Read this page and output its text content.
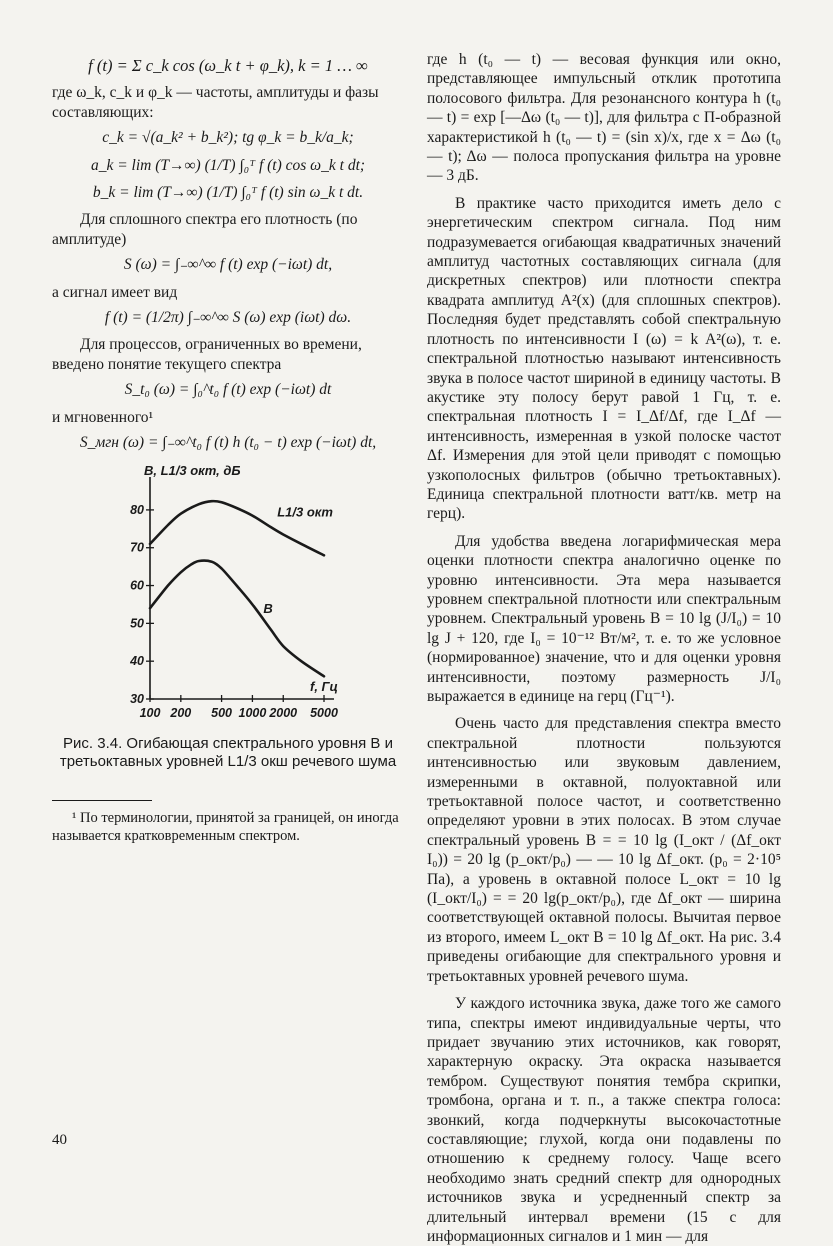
f (t) = Σ c_k cos (ω_k t + φ_k), k = 1 … ∞

где ω_k, c_k и φ_k — частоты, амплитуды и фазы составляющих:

c_k = √(a_k² + b_k²); tg φ_k = b_k/a_k;
a_k = lim (T→∞) (1/T) ∫₀ᵀ f (t) cos ω_k t dt;
b_k = lim (T→∞) (1/T) ∫₀ᵀ f (t) sin ω_k t dt.

Для сплошного спектра его плотность (по амплитуде)

S (ω) = ∫₋∞^∞ f (t) exp (−iωt) dt,

а сигнал имеет вид

f (t) = (1/2π) ∫₋∞^∞ S (ω) exp (iωt) dω.

Для процессов, ограниченных во времени, введено понятие текущего спектра

S_t₀ (ω) = ∫₀^t₀ f (t) exp (−iωt) dt

и мгновенного¹

S_мгн (ω) = ∫₋∞^t₀ f (t) h (t₀ − t) exp (−iωt) dt,
30
40
50
60
70
80
100 200 500 1000 2000 5000
B, L1/3 окт, дБ
f, Гц
L1/3 окт
B
Рис. 3.4. Огибающая спектрального уровня B и третьоктавных уровней L1/3 окш речевого шума

¹ По терминологии, принятой за границей, он иногда называется кратковременным спектром.

где h (t₀ — t) — весовая функция или окно, представляющее импульсный отклик прототипа полосового фильтра. Для резонансного контура h (t₀ — t) = exp [—Δω (t₀ — t)], для фильтра с П-образной характеристикой h (t₀ — t) = (sin x)/x, где x = Δω (t₀ — t); Δω — полоса пропускания фильтра на уровне — 3 дБ.

В практике часто приходится иметь дело с энергетическим спектром сигнала. Под ним подразумевается огибающая квадратичных значений амплитуд частотных составляющих сигнала (для дискретных спектров) или плотности спектра квадрата амплитуд A²(x) (для сплошных спектров). Последняя будет представлять собой спектральную плотность по интенсивности I (ω) = k A²(ω), т. е. спектральной плотностью называют интенсивность звука в полосе частот шириной в единицу частоты. В акустике эту полосу берут равой 1 Гц, т. е. спектральная плотность I = I_Δf/Δf, где I_Δf — интенсивность, измеренная в узкой полоске частот Δf. Измерения для этой цели приводят с помощью узкополосных фильтров (обычно третьоктавных). Единица спектральной плотности ватт/кв. метр на герц).

Для удобства введена логарифмическая мера оценки плотности спектра аналогично оценке по уровню интенсивности. Эта мера называется уровнем спектральной плотности или спектральным уровнем. Спектральный уровень B = 10 lg (J/I₀) = 10 lg J + 120, где I₀ = 10⁻¹² Вт/м², т. е. то же условное (нормированное) значение, что и для оценки уровня интенсивности, поэтому размерность J/I₀ выражается в единице на герц (Гц⁻¹).

Очень часто для представления спектра вместо спектральной плотности пользуются интенсивностью или звуковым давлением, измеренными в октавной, полуоктавной или третьоктавной полосе частот, и соответственно определяют уровни в этих полосах. В этом случае спектральный уровень B = = 10 lg (I_окт / (Δf_окт I₀)) = 20 lg (p_окт/p₀) — — 10 lg Δf_окт. (p₀ = 2·10⁵ Па), а уровень в октавной полосе L_окт = 10 lg (I_окт/I₀) = = 20 lg(p_окт/p₀), где Δf_окт — ширина соответствующей октавной полосы. Вычитая первое из второго, имеем L_окт B = 10 lg Δf_окт. На рис. 3.4 приведены огибающие для спектрального уровня и третьоктавных уровней речевого шума.

У каждого источника звука, даже того же самого типа, спектры имеют индивидуальные черты, что придает звучанию этих источников, как говорят, характерную окраску. Эта окраска называется тембром. Существуют понятия тембра скрипки, тромбона, органа и т. п., а также спектра голоса: звонкий, когда подчеркнуты высокочастотные составляющие; глухой, когда они подавлены по отношению к среднему голосу. Чаще всего необходимо знать средний спектр для однородных источников звука и усредненный спектр за длительный интервал времени (15 с для информационных сигналов и 1 мин — для

40
